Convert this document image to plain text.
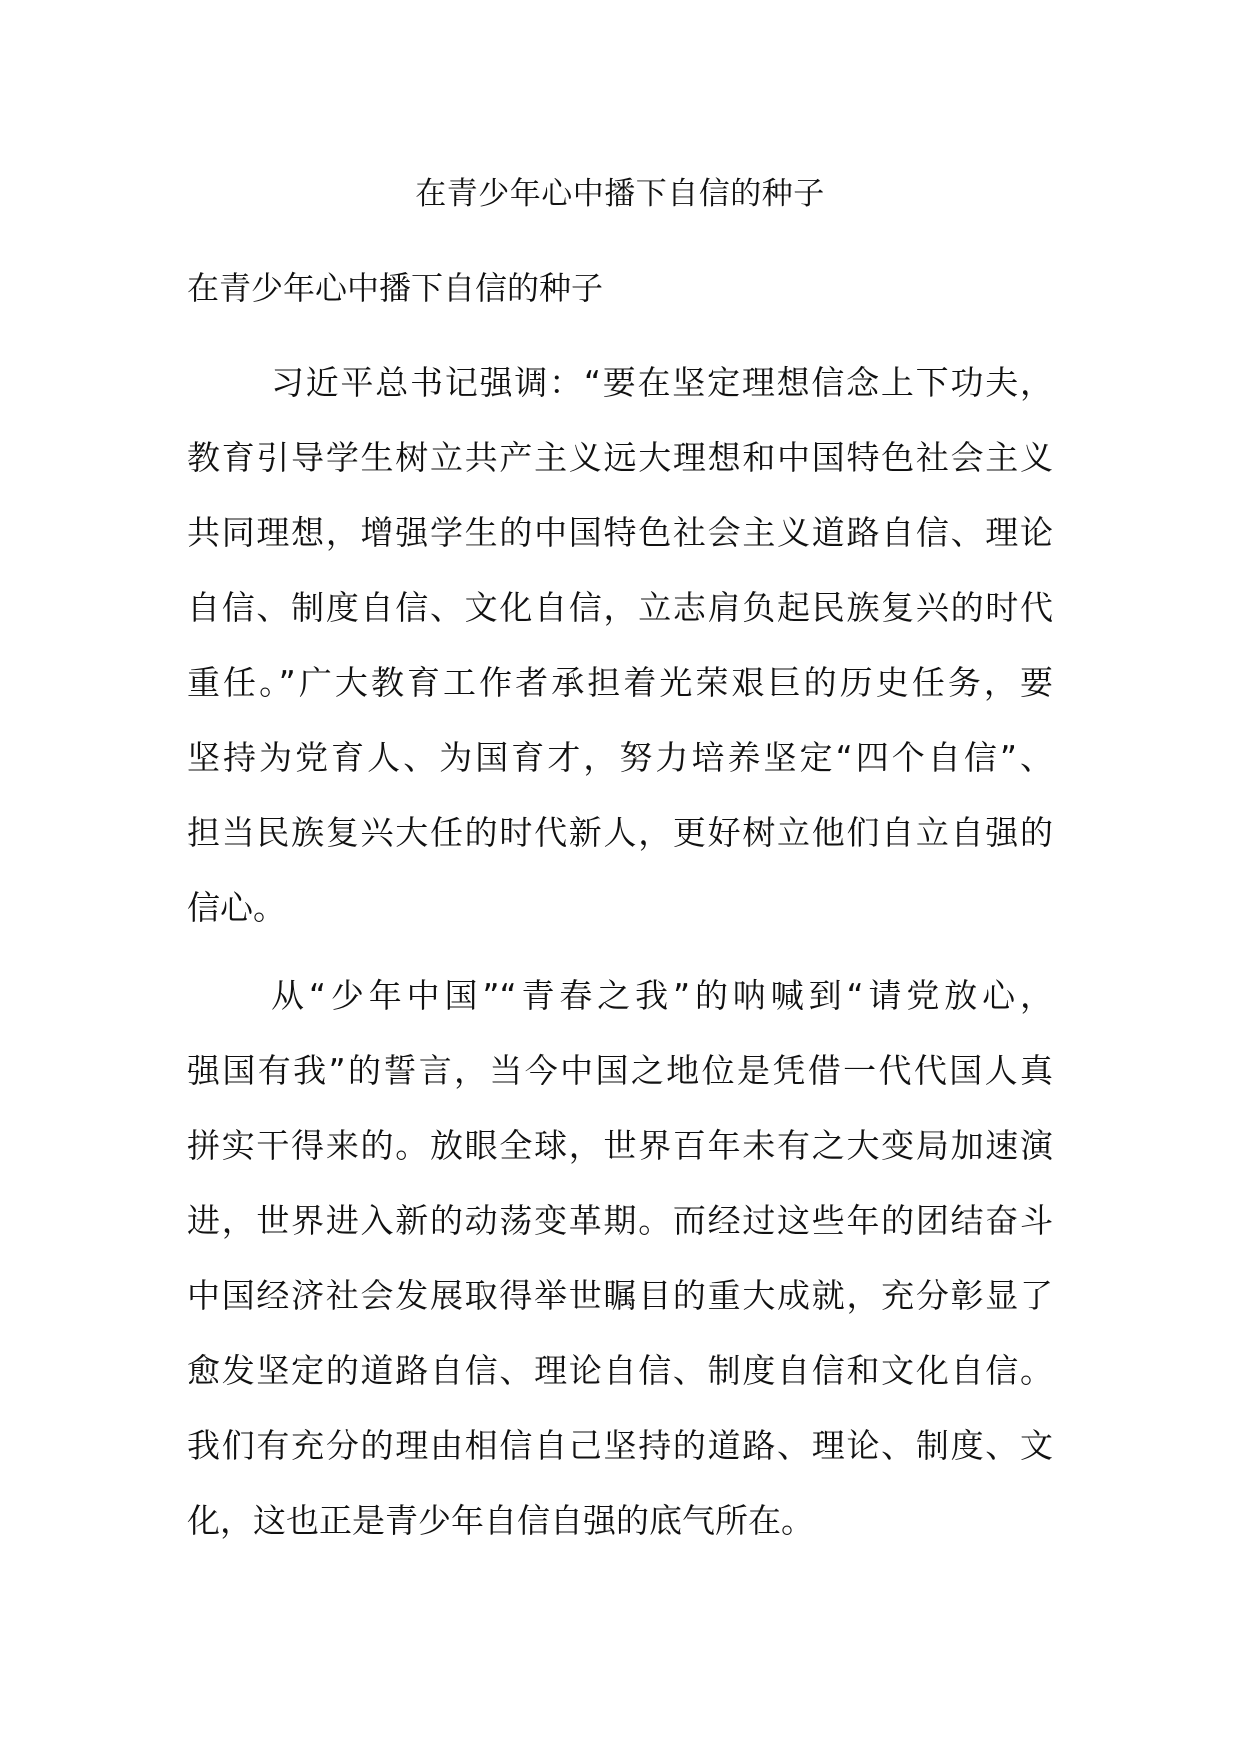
在青少年心中播下自信的种子
在青少年心中播下自信的种子
习近平总书记强调：“要在坚定理想信念上下功夫，
教育引导学生树立共产主义远大理想和中国特色社会主义
共同理想，增强学生的中国特色社会主义道路自信、理论
自信、制度自信、文化自信，立志肩负起民族复兴的时代
重任。”广大教育工作者承担着光荣艰巨的历史任务，要
坚持为党育人、为国育才，努力培养坚定“四个自信”、
担当民族复兴大任的时代新人，更好树立他们自立自强的
信心。
从“少年中国”“青春之我”的呐喊到“请党放心，
强国有我”的誓言，当今中国之地位是凭借一代代国人真
拼实干得来的。放眼全球，世界百年未有之大变局加速演
进，世界进入新的动荡变革期。而经过这些年的团结奋斗
中国经济社会发展取得举世瞩目的重大成就，充分彰显了
愈发坚定的道路自信、理论自信、制度自信和文化自信。
我们有充分的理由相信自己坚持的道路、理论、制度、文
化，这也正是青少年自信自强的底气所在。
